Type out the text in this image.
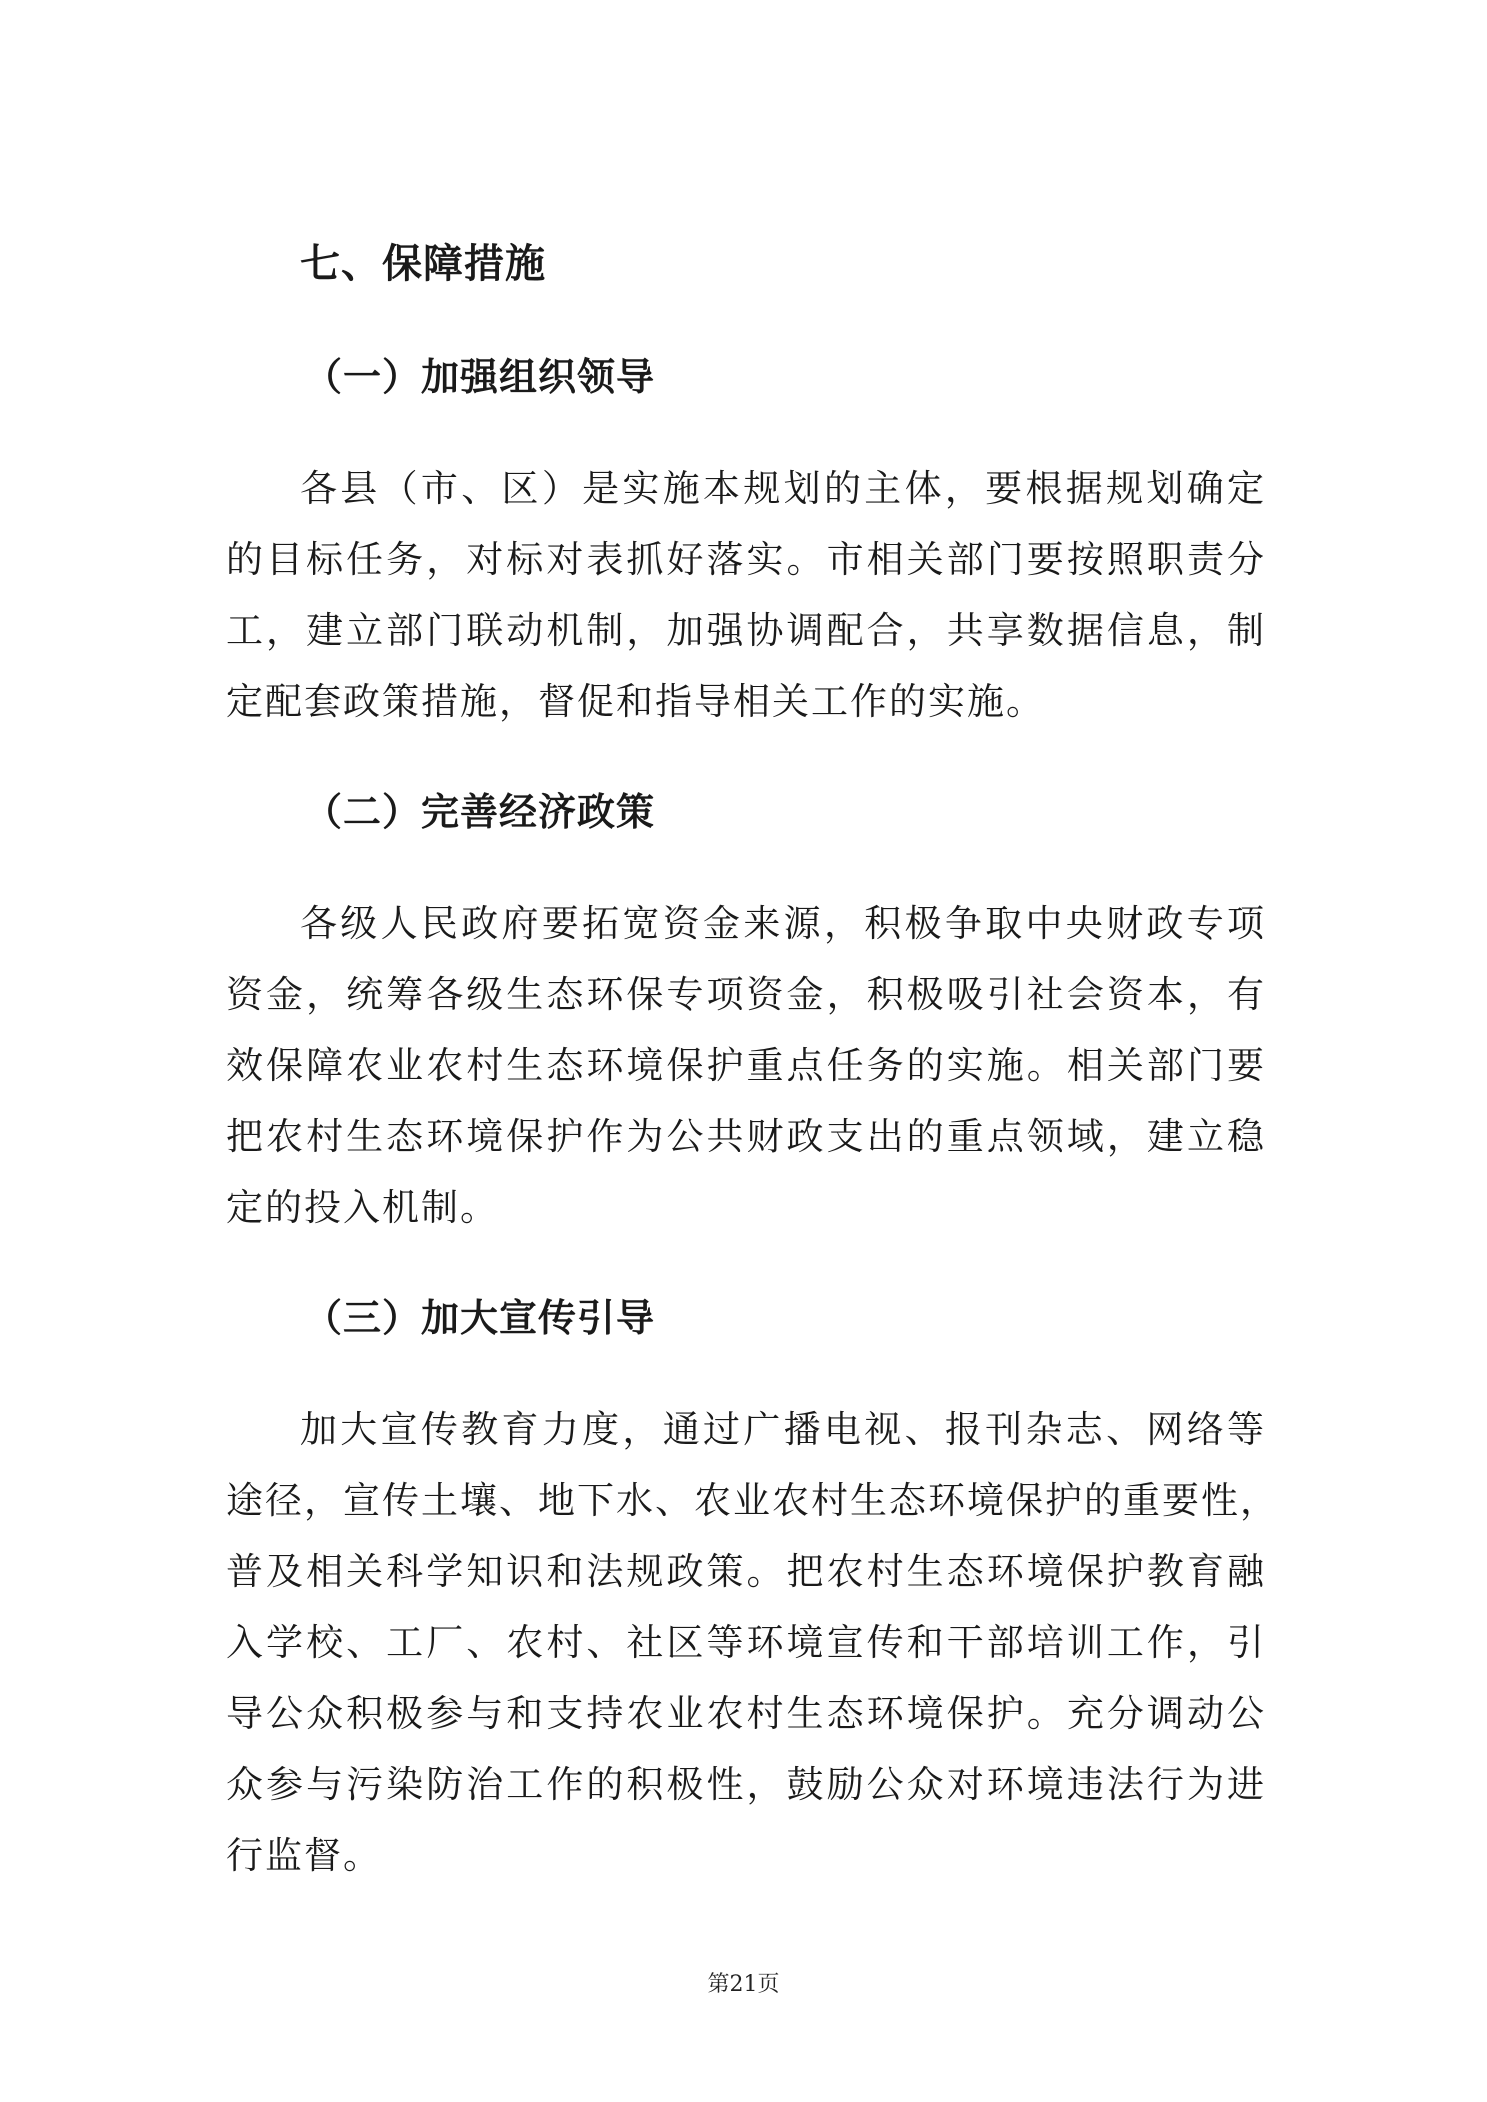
七、保障措施
（一）加强组织领导
各县（市、区）是实施本规划的主体，要根据规划确定
的目标任务，对标对表抓好落实。市相关部门要按照职责分
工，建立部门联动机制，加强协调配合，共享数据信息，制
定配套政策措施，督促和指导相关工作的实施。
（二）完善经济政策
各级人民政府要拓宽资金来源，积极争取中央财政专项
资金，统筹各级生态环保专项资金，积极吸引社会资本，有
效保障农业农村生态环境保护重点任务的实施。相关部门要
把农村生态环境保护作为公共财政支出的重点领域，建立稳
定的投入机制。
（三）加大宣传引导
加大宣传教育力度，通过广播电视、报刊杂志、网络等
途径，宣传土壤、地下水、农业农村生态环境保护的重要性，
普及相关科学知识和法规政策。把农村生态环境保护教育融
入学校、工厂、农村、社区等环境宣传和干部培训工作，引
导公众积极参与和支持农业农村生态环境保护。充分调动公
众参与污染防治工作的积极性，鼓励公众对环境违法行为进
行监督。
第21页
